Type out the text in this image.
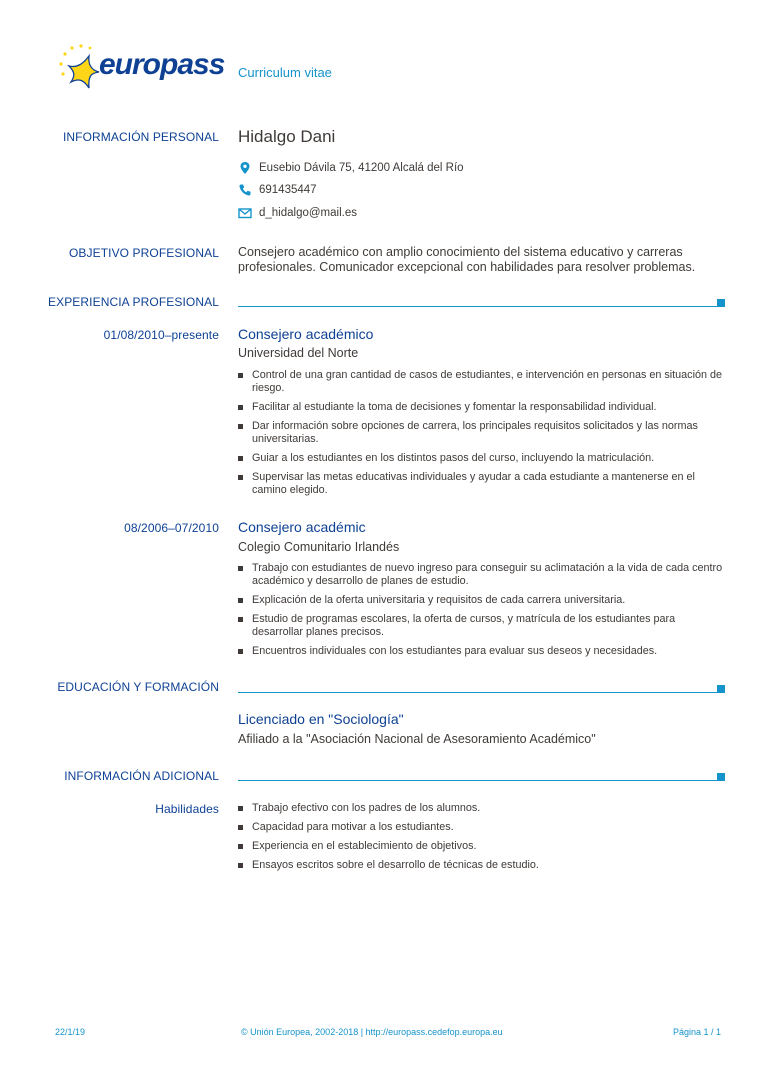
europass Curriculum vitae
INFORMACIÓN PERSONAL Hidalgo Dani
Eusebio Dávila 75, 41200 Alcalá del Río
691435447
d_hidalgo@mail.es
OBJETIVO PROFESIONAL Consejero académico con amplio conocimiento del sistema educativo y carreras profesionales. Comunicador excepcional con habilidades para resolver problemas.
EXPERIENCIA PROFESIONAL
01/08/2010–presente Consejero académico
Universidad del Norte
Control de una gran cantidad de casos de estudiantes, e intervención en personas en situación de riesgo.
Facilitar al estudiante la toma de decisiones y fomentar la responsabilidad individual.
Dar información sobre opciones de carrera, los principales requisitos solicitados y las normas universitarias.
Guiar a los estudiantes en los distintos pasos del curso, incluyendo la matriculación.
Supervisar las metas educativas individuales y ayudar a cada estudiante a mantenerse en el camino elegido.
08/2006–07/2010 Consejero académic
Colegio Comunitario Irlandés
Trabajo con estudiantes de nuevo ingreso para conseguir su aclimatación a la vida de cada centro académico y desarrollo de planes de estudio.
Explicación de la oferta universitaria y requisitos de cada carrera universitaria.
Estudio de programas escolares, la oferta de cursos, y matrícula de los estudiantes para desarrollar planes precisos.
Encuentros individuales con los estudiantes para evaluar sus deseos y necesidades.
EDUCACIÓN Y FORMACIÓN
Licenciado en "Sociología"
Afiliado a la "Asociación Nacional de Asesoramiento Académico"
INFORMACIÓN ADICIONAL
Habilidades	Trabajo efectivo con los padres de los alumnos.
Capacidad para motivar a los estudiantes.
Experiencia en el establecimiento de objetivos.
Ensayos escritos sobre el desarrollo de técnicas de estudio.
22/1/19	© Unión Europea, 2002-2018 | http://europass.cedefop.europa.eu	Página 1 / 1
